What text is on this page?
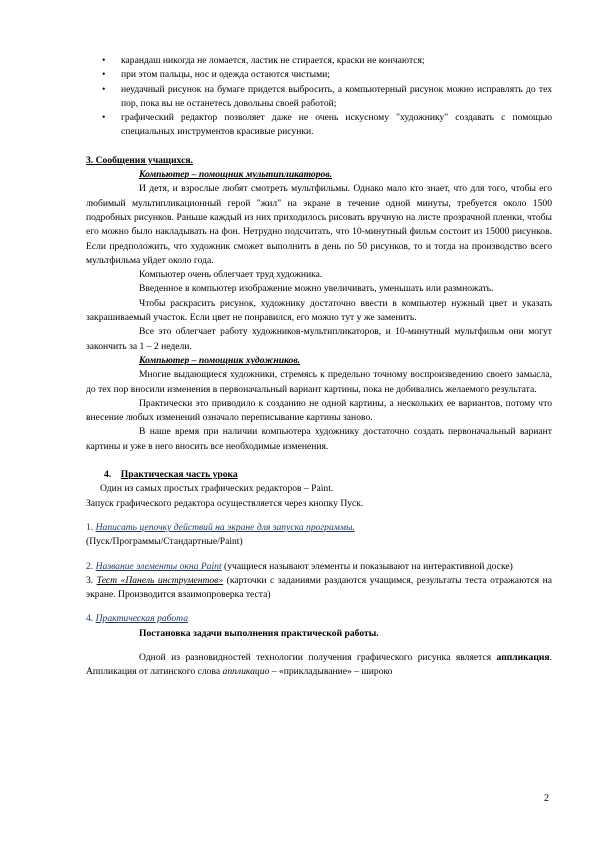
• карандаш никогда не ломается, ластик не стирается, краски не кончаются;
• при этом пальцы, нос и одежда остаются чистыми;
• неудачный рисунок на бумаге придется выбросить, а компьютерный рисунок можно исправлять до тех пор, пока вы не останетесь довольны своей работой;
• графический редактор позволяет даже не очень искусному "художнику" создавать с помощью специальных инструментов красивые рисунки.

3. Сообщения учащихся.

Компьютер – помощник мультипликаторов.

И детя, и взрослые любят смотреть мультфильмы. Однако мало кто знает, что для того, чтобы его любимый мультипликационный герой "жил" на экране в течение одной минуты, требуется около 1500 подробных рисунков. Раньше каждый из них приходилось рисовать вручную на листе прозрачной пленки, чтобы его можно было накладывать на фон. Нетрудно подсчитать, что 10-минутный фильм состоит из 15000 рисунков. Если предположить, что художник сможет выполнить в день по 50 рисунков, то и тогда на производство всего мультфильма уйдет около года.

Компьютер очень облегчает труд художника.

Введенное в компьютер изображение можно увеличивать, уменьшать или размножать.

Чтобы раскрасить рисунок, художнику достаточно ввести в компьютер нужный цвет и указать закрашиваемый участок. Если цвет не понравился, его можно тут у же заменить.

Все это облегчает работу художников-мультипликаторов, и 10-минутный мультфильм они могут закончить за 1 – 2 недели.

Компьютер – помощник художников.

Многие выдающиеся художники, стремясь к предельно точному воспроизведению своего замысла, до тех пор вносили изменения в первоначальный вариант картины, пока не добивались желаемого результата.

Практически это приводило к созданию не одной картины, а нескольких ее вариантов, потому что внесение любых изменений означало переписывание картины заново.

В наше время при наличии компьютера художнику достаточно создать первоначальный вариант картины и уже в него вносить все необходимые изменения.

4. Практическая часть урока

Один из самых простых графических редакторов – Paint.

Запуск графического редактора осуществляется через кнопку Пуск.

1. Написать цепочку действий на экране для запуска программы.

(Пуск/Программы/Стандартные/Paint)

2. Название элементы окна Paint (учащиеся называют элементы и показывают на интерактивной доске)

3. Тест «Панель инструментов» (карточки с заданиями раздаются учащимся, результаты теста отражаются на экране. Производится взаимопроверка теста)

4. Практическая работа

Постановка задачи выполнения практической работы.

Одной из разновидностей технологии получения графического рисунка является аппликация. Аппликация от латинского слова аппликацио – «прикладывание» – широко

2
